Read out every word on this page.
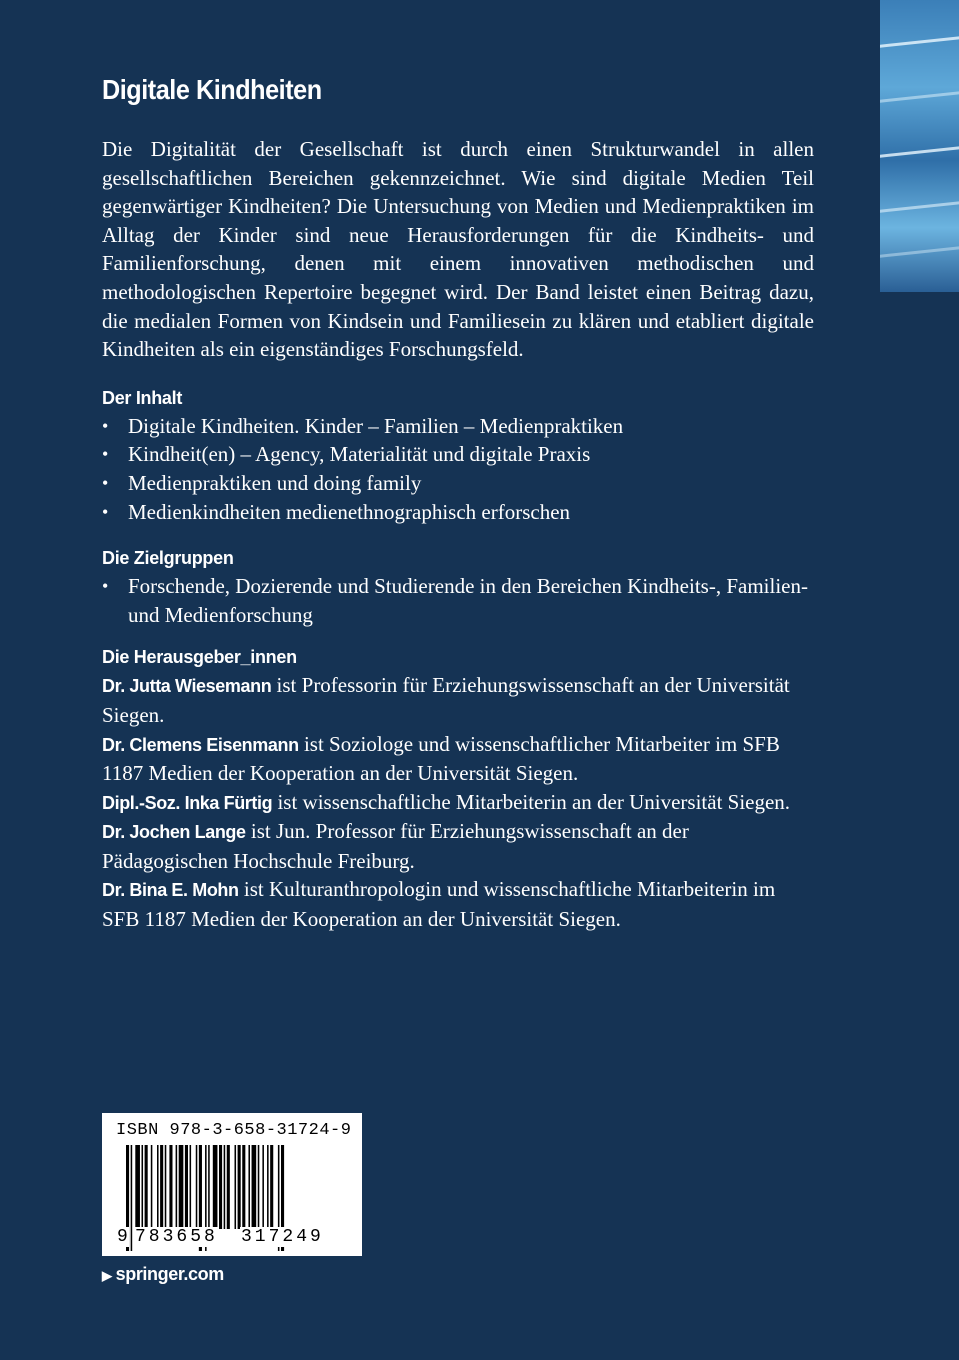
Digitale Kindheiten

Die Digitalität der Gesellschaft ist durch einen Strukturwandel in allen gesellschaftlichen Bereichen gekennzeichnet. Wie sind digitale Medien Teil gegenwärtiger Kindheiten? Die Untersuchung von Medien und Medienpraktiken im Alltag der Kinder sind neue Herausforderungen für die Kindheits- und Familienforschung, denen mit einem innovativen methodischen und methodologischen Repertoire begegnet wird. Der Band leistet einen Beitrag dazu, die medialen Formen von Kindsein und Familiesein zu klären und etabliert digitale Kindheiten als ein eigenständiges Forschungsfeld.

Der Inhalt
• Digitale Kindheiten. Kinder – Familien – Medienpraktiken
• Kindheit(en) – Agency, Materialität und digitale Praxis
• Medienpraktiken und doing family
• Medienkindheiten medienethnographisch erforschen
Die Zielgruppen
• Forschende, Dozierende und Studierende in den Bereichen Kindheits-, Familien- und Medienforschung
Die Herausgeber_innen
Dr. Jutta Wiesemann ist Professorin für Erziehungswissenschaft an der Universität Siegen.
Dr. Clemens Eisenmann ist Soziologe und wissenschaftlicher Mitarbeiter im SFB 1187 Medien der Kooperation an der Universität Siegen.
Dipl.-Soz. Inka Fürtig ist wissenschaftliche Mitarbeiterin an der Universität Siegen.
Dr. Jochen Lange ist Jun. Professor für Erziehungswissenschaft an der Pädagogischen Hochschule Freiburg.
Dr. Bina E. Mohn ist Kulturanthropologin und wissenschaftliche Mitarbeiterin im SFB 1187 Medien der Kooperation an der Universität Siegen.
ISBN 978-3-658-31724-9
9 783658 317249
▶ springer.com
